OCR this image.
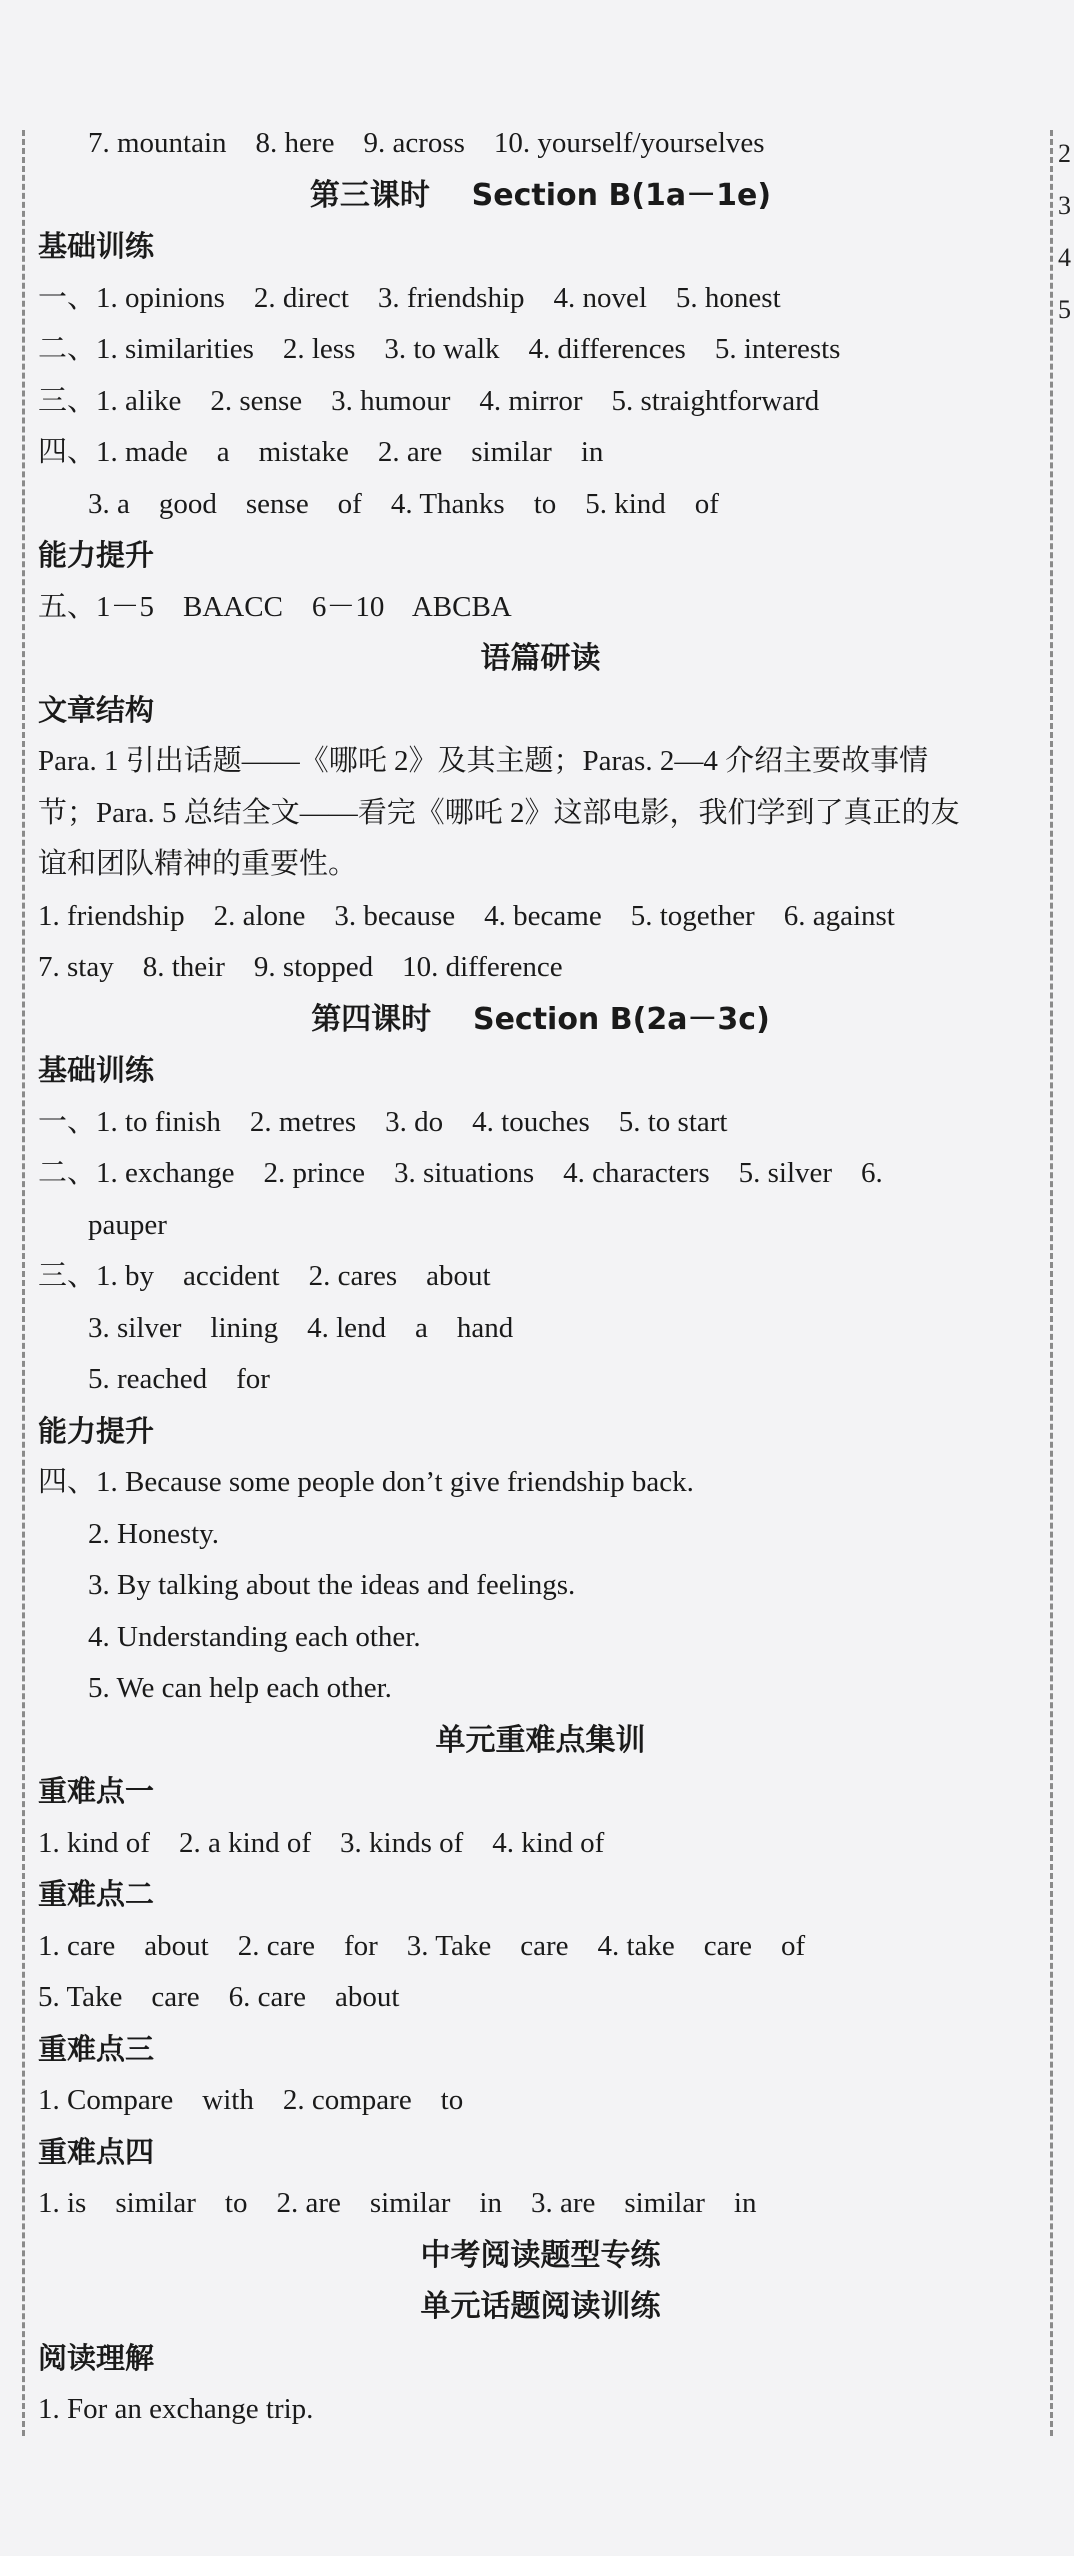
7. mountain    8. here    9. across    10. yourself/yourselves
第三课时    Section B(1a－1e)
基础训练
一、1. opinions    2. direct    3. friendship    4. novel    5. honest
二、1. similarities    2. less    3. to walk    4. differences    5. interests
三、1. alike    2. sense    3. humour    4. mirror    5. straightforward
四、1. made    a    mistake    2. are    similar    in
3. a    good    sense    of    4. Thanks    to    5. kind    of
能力提升
五、1－5    BAACC    6－10    ABCBA
语篇研读
文章结构
Para. 1 引出话题——《哪吒 2》及其主题；Paras. 2—4 介绍主要故事情
节；Para. 5 总结全文——看完《哪吒 2》这部电影，我们学到了真正的友
谊和团队精神的重要性。
1. friendship    2. alone    3. because    4. became    5. together    6. against
7. stay    8. their    9. stopped    10. difference
第四课时    Section B(2a－3c)
基础训练
一、1. to finish    2. metres    3. do    4. touches    5. to start
二、1. exchange    2. prince    3. situations    4. characters    5. silver    6.
pauper
三、1. by    accident    2. cares    about
3. silver    lining    4. lend    a    hand
5. reached    for
能力提升
四、1. Because some people don’t give friendship back.
2. Honesty.
3. By talking about the ideas and feelings.
4. Understanding each other.
5. We can help each other.
单元重难点集训
重难点一
1. kind of    2. a kind of    3. kinds of    4. kind of
重难点二
1. care    about    2. care    for    3. Take    care    4. take    care    of
5. Take    care    6. care    about
重难点三
1. Compare    with    2. compare    to
重难点四
1. is    similar    to    2. are    similar    in    3. are    similar    in
中考阅读题型专练
单元话题阅读训练
阅读理解
1. For an exchange trip.
2
3
4
5
